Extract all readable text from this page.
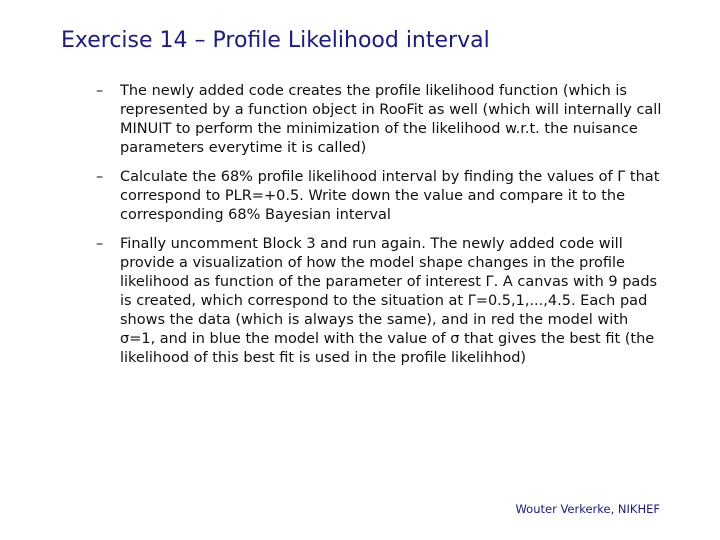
Exercise 14 – Profile Likelihood interval
– The newly added code creates the profile likelihood function (which is represented by a function object in RooFit as well (which will internally call MINUIT to perform the minimization of the likelihood w.r.t. the nuisance parameters everytime it is called)
– Calculate the 68% profile likelihood interval by finding the values of Γ that correspond to PLR=+0.5. Write down the value and compare it to the corresponding 68% Bayesian interval
– Finally uncomment Block 3 and run again. The newly added code will provide a visualization of how the model shape changes in the profile likelihood as function of the parameter of interest Γ. A canvas with 9 pads is created, which correspond to the situation at Γ=0.5,1,...,4.5. Each pad shows the data (which is always the same), and in red the model with σ=1, and in blue the model with the value of σ that gives the best fit (the likelihood of this best fit is used in the profile likelihhod)
Wouter Verkerke, NIKHEF
